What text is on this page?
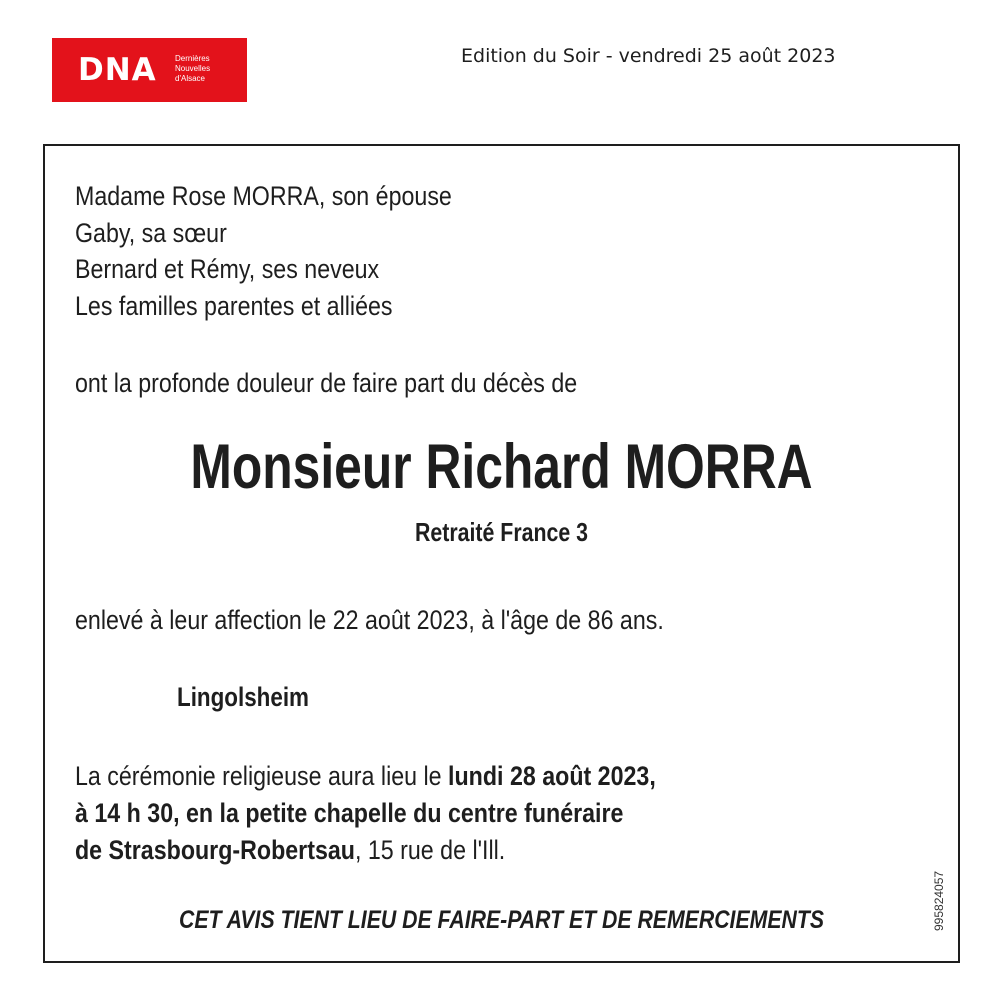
DNA Dernières
Nouvelles
d'Alsace
Edition du Soir - vendredi 25 août 2023
Madame Rose MORRA, son épouse
Gaby, sa sœur
Bernard et Rémy, ses neveux
Les familles parentes et alliées
ont la profonde douleur de faire part du décès de
Monsieur Richard MORRA
Retraité France 3
enlevé à leur affection le 22 août 2023, à l'âge de 86 ans.
Lingolsheim
La cérémonie religieuse aura lieu le lundi 28 août 2023,
à 14 h 30, en la petite chapelle du centre funéraire
de Strasbourg-Robertsau, 15 rue de l'Ill.
CET AVIS TIENT LIEU DE FAIRE-PART ET DE REMERCIEMENTS	995824057
